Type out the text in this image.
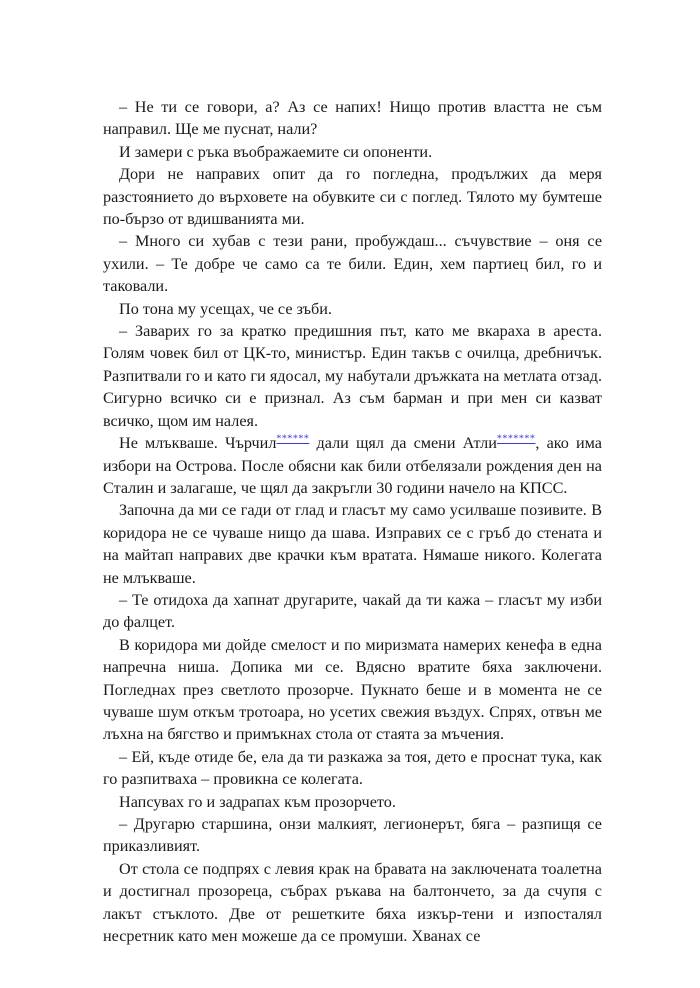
– Не ти се говори, а? Аз се напих! Нищо против властта не съм направил. Ще ме пуснат, нали?

И замери с ръка въображаемите си опоненти.

Дори не направих опит да го погледна, продължих да меря разстоянието до върховете на обувките си с поглед. Тялото му бумтеше по-бързо от вдишванията ми.

– Много си хубав с тези рани, пробуждаш... съчувствие – оня се ухили. – Те добре че само са те били. Един, хем партиец бил, го и таковали.

По тона му усещах, че се зъби.

– Заварих го за кратко предишния път, като ме вкараха в ареста. Голям човек бил от ЦК-то, министър. Един такъв с очилца, дребничък. Разпитвали го и като ги ядосал, му набутали дръжката на метлата отзад. Сигурно всичко си е признал. Аз съм барман и при мен си казват всичко, щом им налея.

Не млъкваше. Чърчил****** дали щял да смени Атли*******, ако има избори на Острова. После обясни как били отбелязали рождения ден на Сталин и залагаше, че щял да закръгли 30 години начело на КПСС.

Започна да ми се гади от глад и гласът му само усилваше позивите. В коридора не се чуваше нищо да шава. Изправих се с гръб до стената и на майтап направих две крачки към вратата. Нямаше никого. Колегата не млъкваше.

– Те отидоха да хапнат другарите, чакай да ти кажа – гласът му изби до фалцет.

В коридора ми дойде смелост и по миризмата намерих кенефа в една напречна ниша. Допика ми се. Вдясно вратите бяха заключени. Погледнах през светлото прозорче. Пукнато беше и в момента не се чуваше шум откъм тротоара, но усетих свежия въздух. Спрях, отвън ме лъхна на бягство и примъкнах стола от стаята за мъчения.

– Ей, къде отиде бе, ела да ти разкажа за тоя, дето е проснат тука, как го разпитваха – провикна се колегата.

Напсувах го и задрапах към прозорчето.

– Другарю старшина, онзи малкият, легионерът, бяга – разпищя се приказливият.

От стола се подпрях с левия крак на бравата на заключената тоалетна и достигнал прозореца, събрах ръкава на балтончето, за да счупя с лакът стъклото. Две от решетките бяха изкър-тени и изпосталял несретник като мен можеше да се промуши. Хванах се
